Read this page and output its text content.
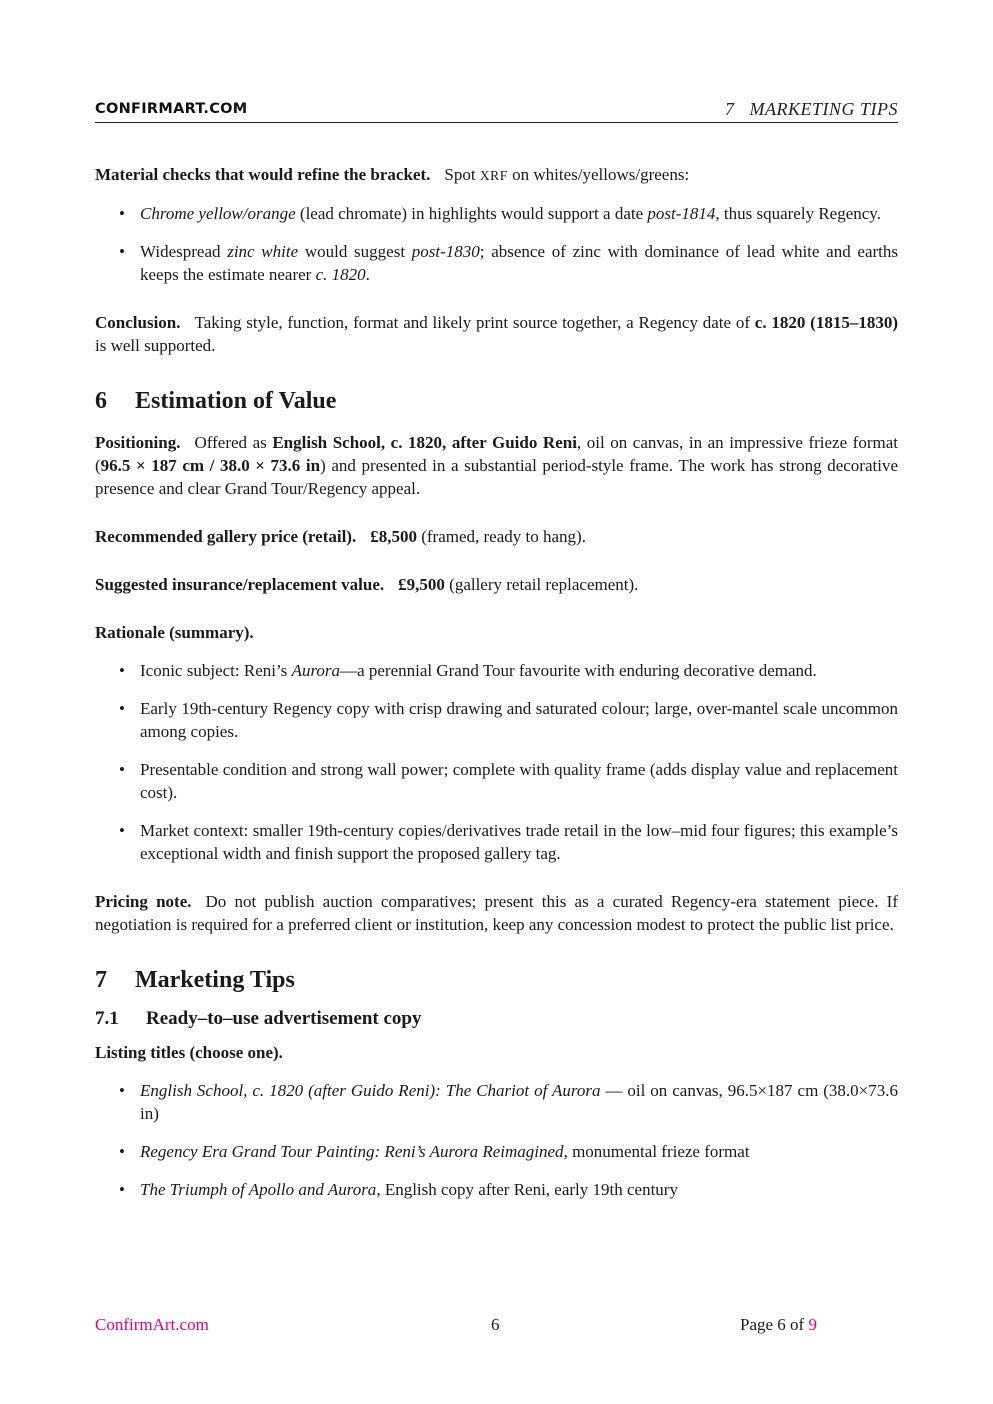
CONFIRMART.COM	7   MARKETING TIPS

Material checks that would refine the bracket. Spot XRF on whites/yellows/greens:

• Chrome yellow/orange (lead chromate) in highlights would support a date post-1814, thus squarely Regency.
• Widespread zinc white would suggest post-1830; absence of zinc with dominance of lead white and earths keeps the estimate nearer c. 1820.

Conclusion. Taking style, function, format and likely print source together, a Regency date of c. 1820 (1815–1830) is well supported.

6 Estimation of Value

Positioning. Offered as English School, c. 1820, after Guido Reni, oil on canvas, in an impressive frieze format (96.5 × 187 cm / 38.0 × 73.6 in) and presented in a substantial period-style frame. The work has strong decorative presence and clear Grand Tour/Regency appeal.

Recommended gallery price (retail). £8,500 (framed, ready to hang).

Suggested insurance/replacement value. £9,500 (gallery retail replacement).

Rationale (summary).

• Iconic subject: Reni’s Aurora—a perennial Grand Tour favourite with enduring decorative demand.
• Early 19th-century Regency copy with crisp drawing and saturated colour; large, over-mantel scale uncommon among copies.
• Presentable condition and strong wall power; complete with quality frame (adds display value and replacement cost).
• Market context: smaller 19th-century copies/derivatives trade retail in the low–mid four figures; this example’s exceptional width and finish support the proposed gallery tag.

Pricing note. Do not publish auction comparatives; present this as a curated Regency-era statement piece. If negotiation is required for a preferred client or institution, keep any concession modest to protect the public list price.

7 Marketing Tips
7.1 Ready–to–use advertisement copy

Listing titles (choose one).

• English School, c. 1820 (after Guido Reni): The Chariot of Aurora — oil on canvas, 96.5×187 cm (38.0×73.6 in)
• Regency Era Grand Tour Painting: Reni’s Aurora Reimagined, monumental frieze format
• The Triumph of Apollo and Aurora, English copy after Reni, early 19th century
ConfirmArt.com	6	Page 6 of 9
